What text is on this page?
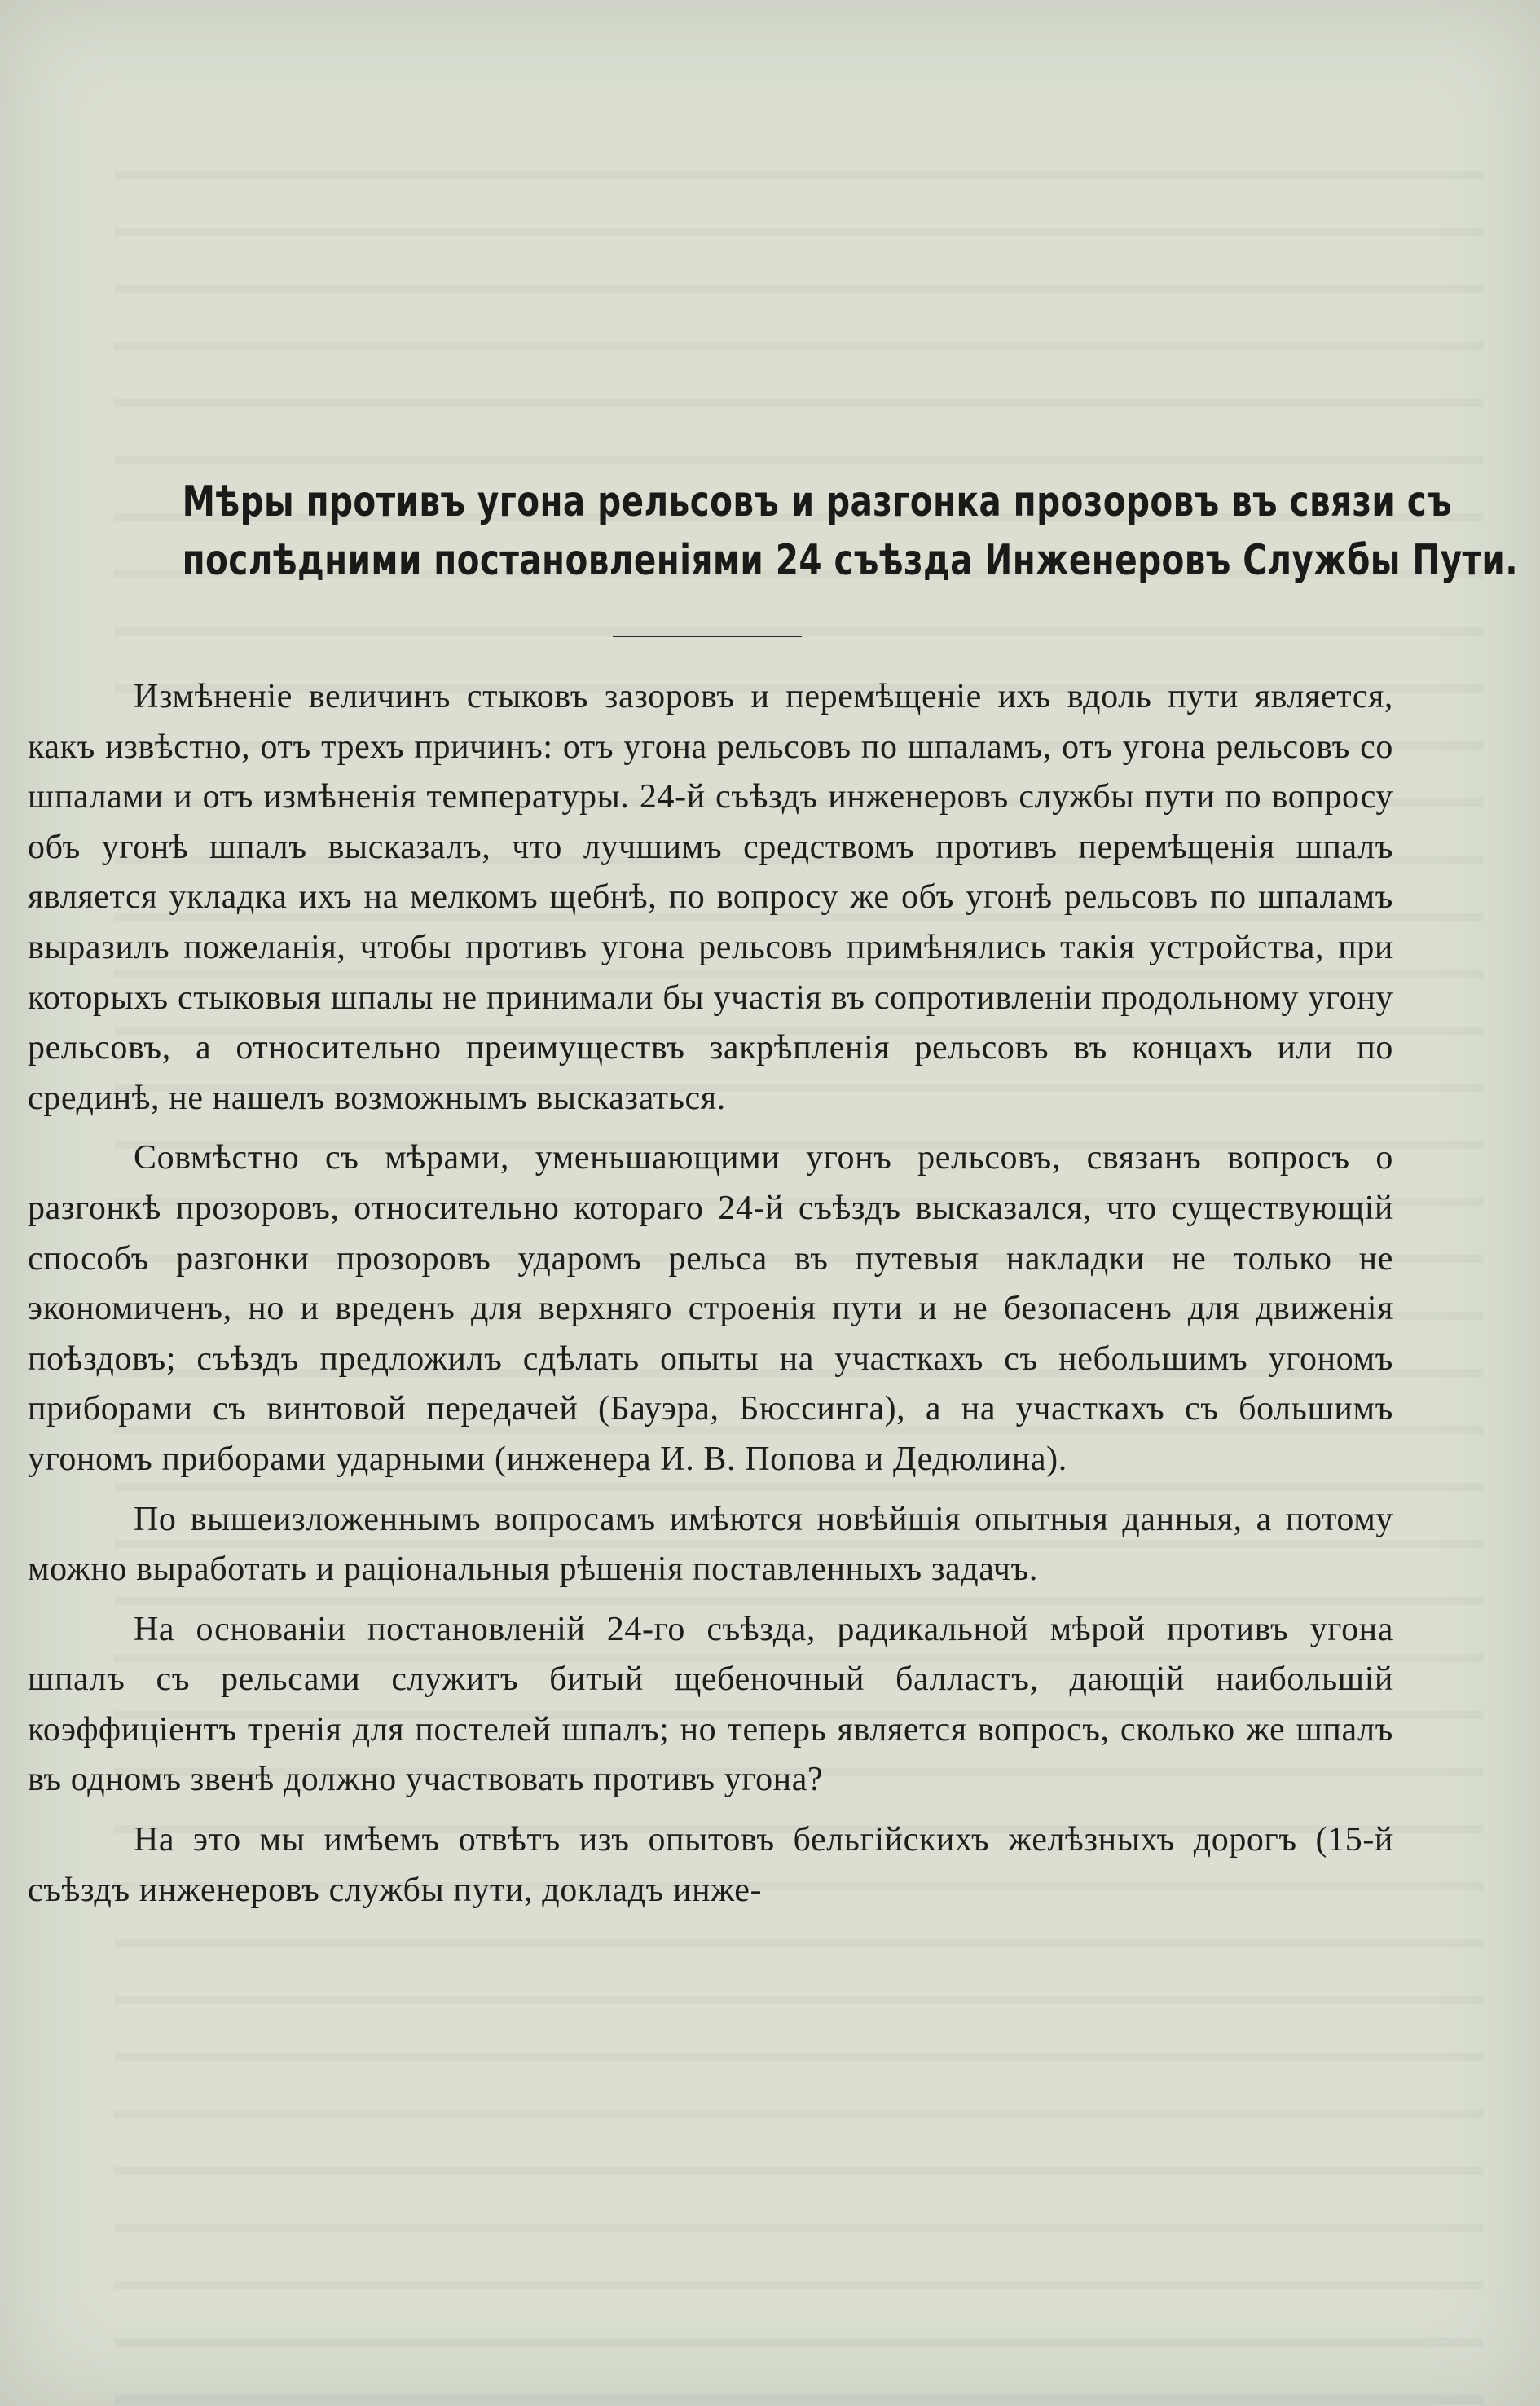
Мѣры противъ угона рельсовъ и разгонка прозоровъ въ связи съ
послѣдними постановленіями 24 съѣзда Инженеровъ Службы Пути.

Измѣненіе величинъ стыковъ зазоровъ и перемѣщеніе ихъ вдоль пути является, какъ извѣстно, отъ трехъ причинъ: отъ угона рельсовъ по шпаламъ, отъ угона рельсовъ со шпалами и отъ измѣненія температуры. 24-й съѣздъ инженеровъ службы пути по вопросу объ угонѣ шпалъ высказалъ, что лучшимъ средствомъ противъ перемѣщенія шпалъ является укладка ихъ на мелкомъ щебнѣ, по вопросу же объ угонѣ рельсовъ по шпаламъ выразилъ пожеланія, чтобы противъ угона рельсовъ примѣнялись такія устройства, при которыхъ стыковыя шпалы не принимали бы участія въ сопротивленіи продольному угону рельсовъ, а относительно преимуществъ закрѣпленія рельсовъ въ концахъ или по срединѣ, не нашелъ возможнымъ высказаться.

Совмѣстно съ мѣрами, уменьшающими угонъ рельсовъ, связанъ вопросъ о разгонкѣ прозоровъ, относительно котораго 24-й съѣздъ высказался, что существующій способъ разгонки прозоровъ ударомъ рельса въ путевыя накладки не только не экономиченъ, но и вреденъ для верхняго строенія пути и не безопасенъ для движенія поѣздовъ; съѣздъ предложилъ сдѣлать опыты на участкахъ съ небольшимъ угономъ приборами съ винтовой передачей (Бауэра, Бюссинга), а на участкахъ съ большимъ угономъ приборами ударными (инженера И. В. Попова и Дедюлина).

По вышеизложеннымъ вопросамъ имѣются новѣйшія опытныя данныя, а потому можно выработать и раціональныя рѣшенія поставленныхъ задачъ.

На основаніи постановленій 24-го съѣзда, радикальной мѣрой противъ угона шпалъ съ рельсами служитъ битый щебеночный балластъ, дающій наибольшій коэффиціентъ тренія для постелей шпалъ; но теперь является вопросъ, сколько же шпалъ въ одномъ звенѣ должно участвовать противъ угона?

На это мы имѣемъ отвѣтъ изъ опытовъ бельгійскихъ желѣзныхъ дорогъ (15-й съѣздъ инженеровъ службы пути, докладъ инже-
